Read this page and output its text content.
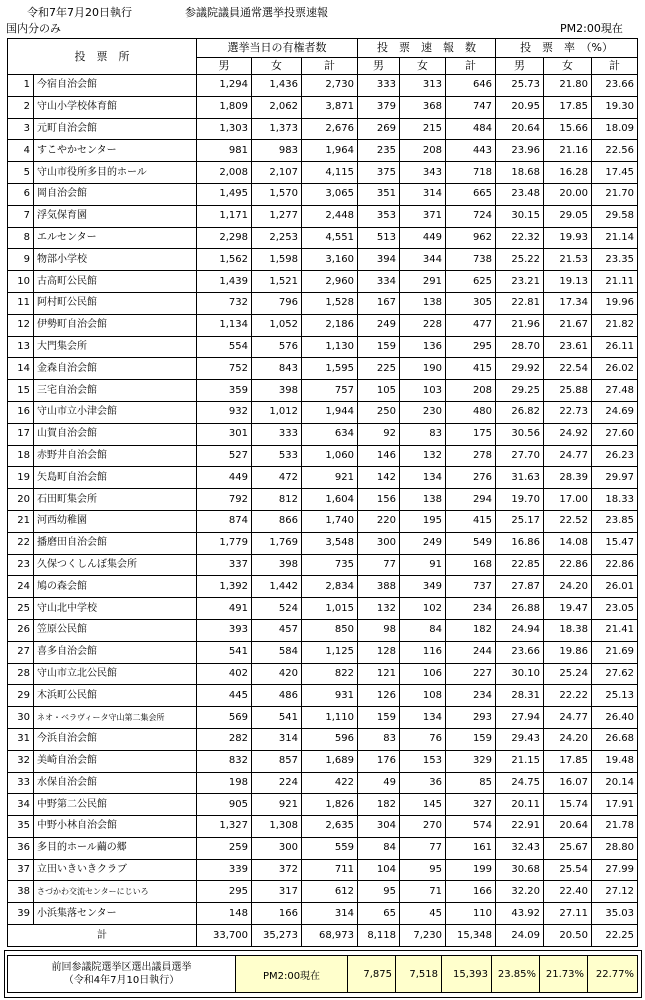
令和7年7月20日執行	参議院議員通常選挙投票速報
国内分のみ	PM2:00現在
投　票　所		選挙当日の有権者数			投　票　速　報　数			投　票　率　（%）		
		男	女	計	男	女	計	男	女	計
1	今宿自治会館	1,294	1,436	2,730	333	313	646	25.73	21.80	23.66
2	守山小学校体育館	1,809	2,062	3,871	379	368	747	20.95	17.85	19.30
3	元町自治会館	1,303	1,373	2,676	269	215	484	20.64	15.66	18.09
4	すこやかセンター	981	983	1,964	235	208	443	23.96	21.16	22.56
5	守山市役所多目的ホール	2,008	2,107	4,115	375	343	718	18.68	16.28	17.45
6	岡自治会館	1,495	1,570	3,065	351	314	665	23.48	20.00	21.70
7	浮気保育園	1,171	1,277	2,448	353	371	724	30.15	29.05	29.58
8	エルセンター	2,298	2,253	4,551	513	449	962	22.32	19.93	21.14
9	物部小学校	1,562	1,598	3,160	394	344	738	25.22	21.53	23.35
10	古高町公民館	1,439	1,521	2,960	334	291	625	23.21	19.13	21.11
11	阿村町公民館	732	796	1,528	167	138	305	22.81	17.34	19.96
12	伊勢町自治会館	1,134	1,052	2,186	249	228	477	21.96	21.67	21.82
13	大門集会所	554	576	1,130	159	136	295	28.70	23.61	26.11
14	金森自治会館	752	843	1,595	225	190	415	29.92	22.54	26.02
15	三宅自治会館	359	398	757	105	103	208	29.25	25.88	27.48
16	守山市立小津会館	932	1,012	1,944	250	230	480	26.82	22.73	24.69
17	山賀自治会館	301	333	634	92	83	175	30.56	24.92	27.60
18	赤野井自治会館	527	533	1,060	146	132	278	27.70	24.77	26.23
19	矢島町自治会館	449	472	921	142	134	276	31.63	28.39	29.97
20	石田町集会所	792	812	1,604	156	138	294	19.70	17.00	18.33
21	河西幼稚園	874	866	1,740	220	195	415	25.17	22.52	23.85
22	播磨田自治会館	1,779	1,769	3,548	300	249	549	16.86	14.08	15.47
23	久保つくしんぼ集会所	337	398	735	77	91	168	22.85	22.86	22.86
24	鳩の森会館	1,392	1,442	2,834	388	349	737	27.87	24.20	26.01
25	守山北中学校	491	524	1,015	132	102	234	26.88	19.47	23.05
26	笠原公民館	393	457	850	98	84	182	24.94	18.38	21.41
27	喜多自治会館	541	584	1,125	128	116	244	23.66	19.86	21.69
28	守山市立北公民館	402	420	822	121	106	227	30.10	25.24	27.62
29	木浜町公民館	445	486	931	126	108	234	28.31	22.22	25.13
30	ネオ・ベラヴィータ守山第二集会所	569	541	1,110	159	134	293	27.94	24.77	26.40
31	今浜自治会館	282	314	596	83	76	159	29.43	24.20	26.68
32	美崎自治会館	832	857	1,689	176	153	329	21.15	17.85	19.48
33	水保自治会館	198	224	422	49	36	85	24.75	16.07	20.14
34	中野第二公民館	905	921	1,826	182	145	327	20.11	15.74	17.91
35	中野小林自治会館	1,327	1,308	2,635	304	270	574	22.91	20.64	21.78
36	多目的ホール繭の郷	259	300	559	84	77	161	32.43	25.67	28.80
37	立田いきいきクラブ	339	372	711	104	95	199	30.68	25.54	27.99
38	さづかわ交流センターにじいろ	295	317	612	95	71	166	32.20	22.40	27.12
39	小浜集落センター	148	166	314	65	45	110	43.92	27.11	35.03
計		33,700	35,273	68,973	8,118	7,230	15,348	24.09	20.50	22.25
前回参議院選挙区選出議員選挙
（令和4年7月10日執行）	PM2:00現在	7,875	7,518	15,393	23.85%	21.73%	22.77%
